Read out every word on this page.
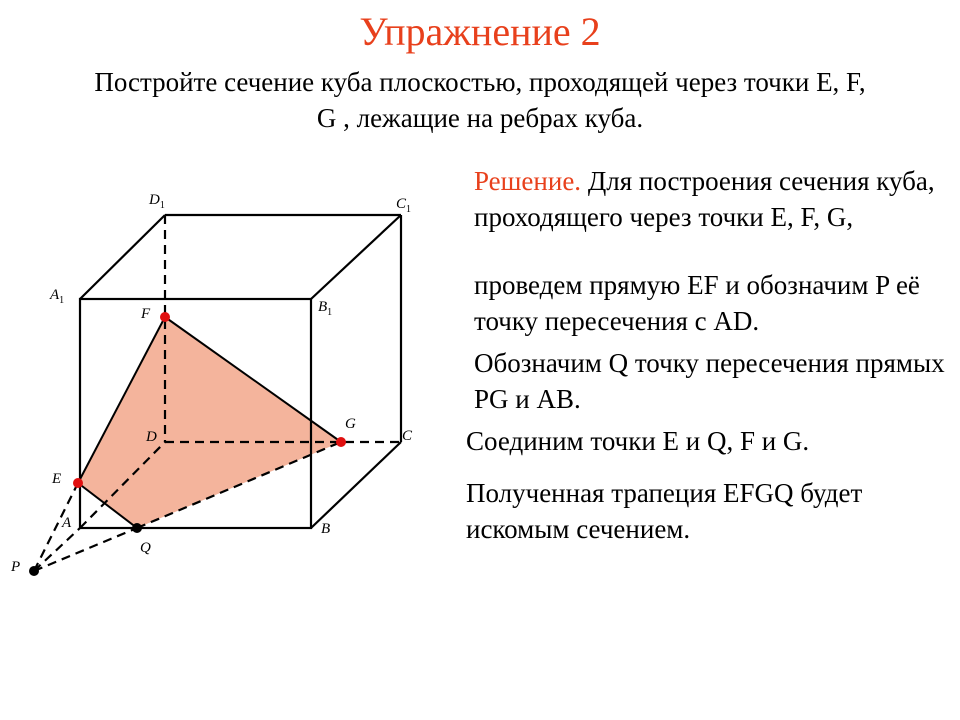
Упражнение 2
Постройте сечение куба плоскостью, проходящей через точки E, F,
G , лежащие на ребрах куба.
Решение. Для построения сечения куба, проходящего через точки E, F, G,
проведем прямую EF и обозначим P её точку пересечения с AD.
Обозначим Q точку пересечения прямых PG и AB.
Соединим точки E и Q, F и G.
Полученная трапеция EFGQ будет искомым сечением.
$D_1$	$C_1$
$A_1$	$B_1$
F
G
D	C
E
A	B
Q
P
